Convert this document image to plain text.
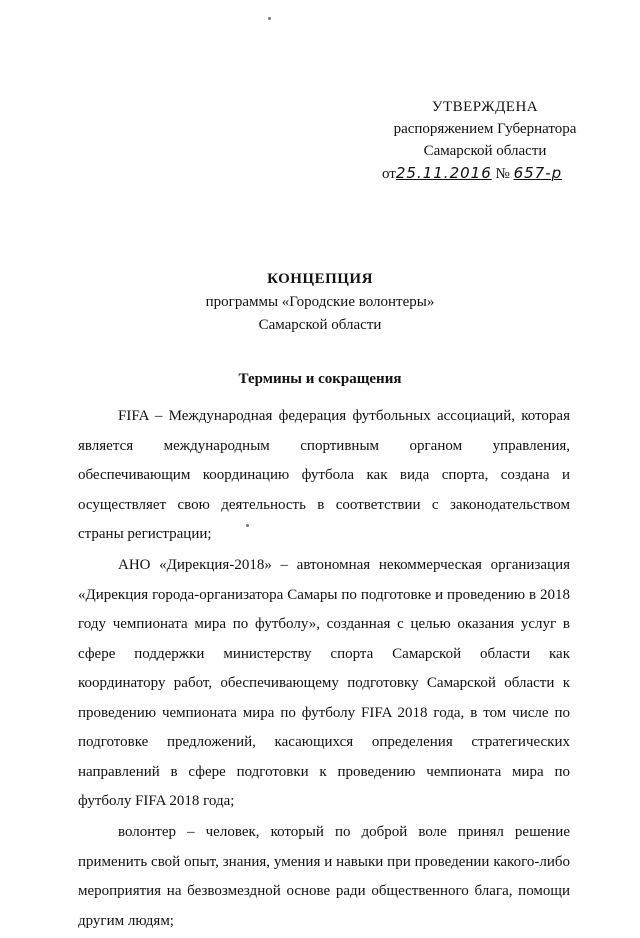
УТВЕРЖДЕНА
распоряжением Губернатора
Самарской области
от25.11.2016 № 657-р
КОНЦЕПЦИЯ
программы «Городские волонтеры»
Самарской области
Термины и сокращения

FIFA – Международная федерация футбольных ассоциаций, которая является международным спортивным органом управления, обеспечивающим координацию футбола как вида спорта, создана и осуществляет свою деятельность в соответствии с законодательством страны регистрации;

АНО «Дирекция-2018» – автономная некоммерческая организация «Дирекция города-организатора Самары по подготовке и проведению в 2018 году чемпионата мира по футболу», созданная с целью оказания услуг в сфере поддержки министерству спорта Самарской области как координатору работ, обеспечивающему подготовку Самарской области к проведению чемпионата мира по футболу FIFA 2018 года, в том числе по подготовке предложений, касающихся определения стратегических направлений в сфере подготовки к проведению чемпионата мира по футболу FIFA 2018 года;

волонтер – человек, который по доброй воле принял решение применить свой опыт, знания, умения и навыки при проведении какого-либо мероприятия на безвозмездной основе ради общественного блага, помощи другим людям;
